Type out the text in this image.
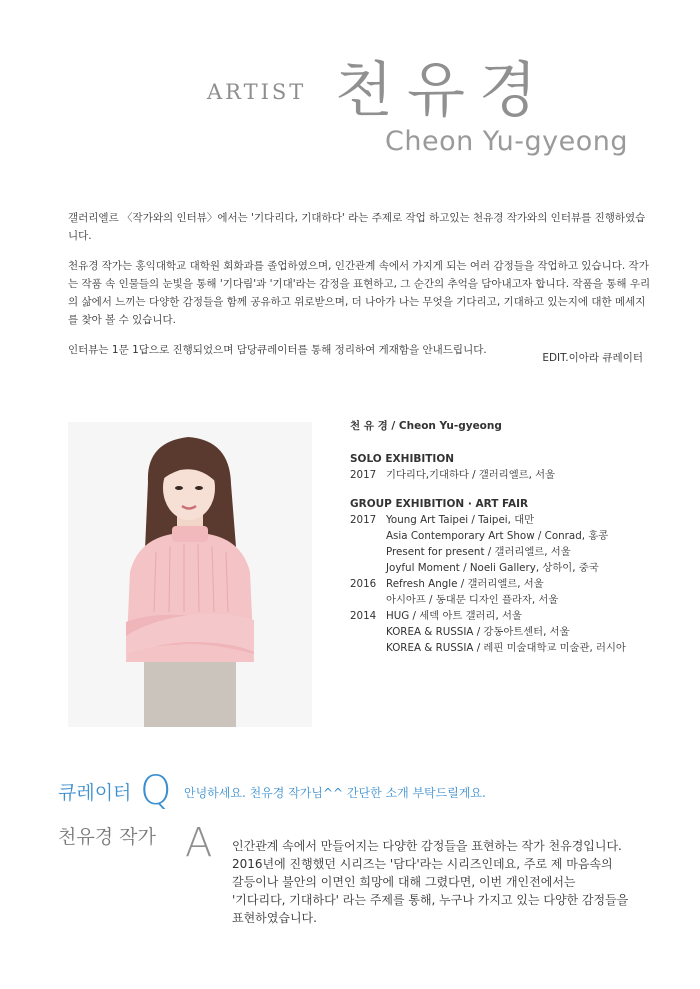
ARTIST 천유경
Cheon Yu-gyeong

갤러리엘르 〈작가와의 인터뷰〉에서는 '기다리다, 기대하다' 라는 주제로 작업 하고있는 천유경 작가와의 인터뷰를 진행하였습니다.

천유경 작가는 홍익대학교 대학원 회화과를 졸업하였으며, 인간관계 속에서 가지게 되는 여러 감정들을 작업하고 있습니다. 작가는 작품 속 인물들의 눈빛을 통해 '기다림'과 '기대'라는 감정을 표현하고, 그 순간의 추억을 담아내고자 합니다. 작품을 통해 우리의 삶에서 느끼는 다양한 감정들을 함께 공유하고 위로받으며, 더 나아가 나는 무엇을 기다리고, 기대하고 있는지에 대한 메세지를 찾아 볼 수 있습니다.

인터뷰는 1문 1답으로 진행되었으며 담당큐레이터를 통해 정리하여 게재함을 안내드립니다.

EDIT.이아라 큐레이터
천 유 경 / Cheon Yu-gyeong
SOLO EXHIBITION
2017 기다리다,기대하다 / 갤러리엘르, 서울
GROUP EXHIBITION · ART FAIR
2017 Young Art Taipei / Taipei, 대만
Asia Contemporary Art Show / Conrad, 홍콩
Present for present / 갤러리엘르, 서울
Joyful Moment / Noeli Gallery, 상하이, 중국
2016 Refresh Angle / 갤러리엘르, 서울
아시아프 / 동대문 디자인 플라자, 서울
2014 HUG / 세덱 아트 갤러리, 서울
KOREA & RUSSIA / 강동아트센터, 서울
KOREA & RUSSIA / 레핀 미술대학교 미술관, 러시아
큐레이터 Q 안녕하세요. 천유경 작가님^^ 간단한 소개 부탁드릴게요.
천유경 작가 A 인간관계 속에서 만들어지는 다양한 감정들을 표현하는 작가 천유경입니다.
2016년에 진행했던 시리즈는 '담다'라는 시리즈인데요, 주로 제 마음속의
갈등이나 불안의 이면인 희망에 대해 그렸다면, 이번 개인전에서는
'기다리다, 기대하다' 라는 주제를 통해, 누구나 가지고 있는 다양한 감정들을
표현하였습니다.
